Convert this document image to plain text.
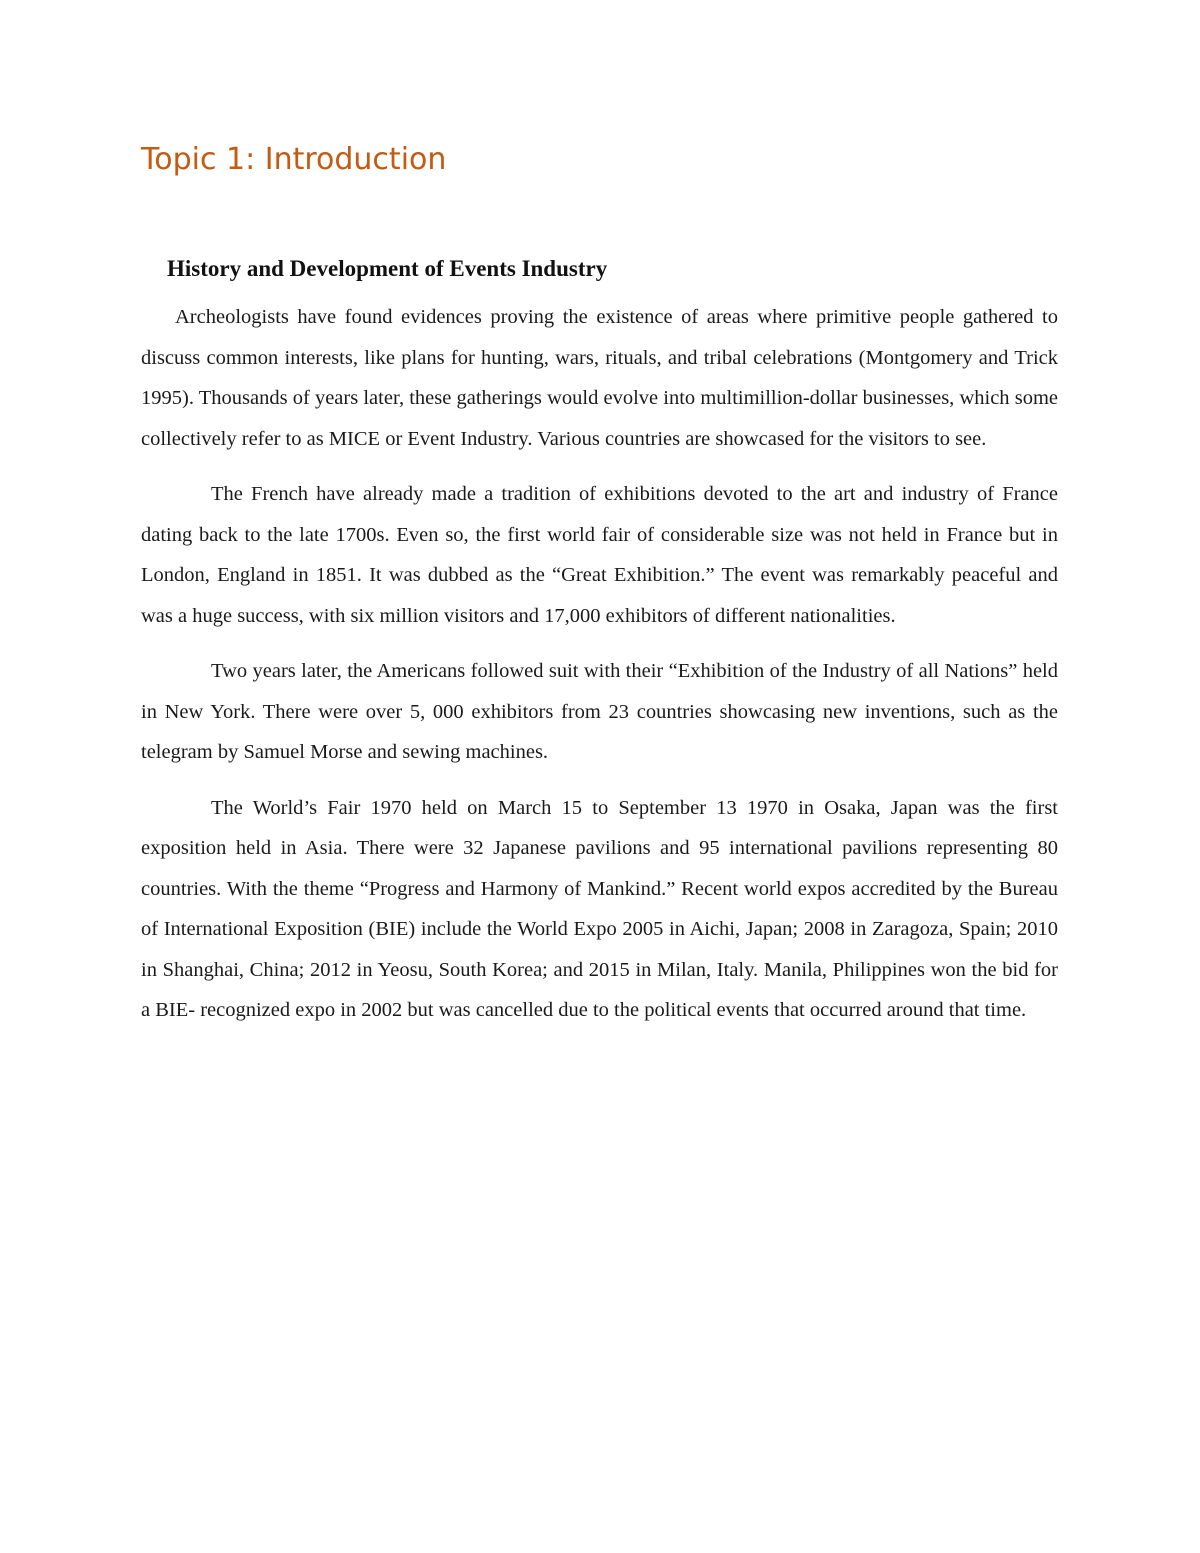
Topic 1: Introduction
History and Development of Events Industry

Archeologists have found evidences proving the existence of areas where primitive people gathered to discuss common interests, like plans for hunting, wars, rituals, and tribal celebrations (Montgomery and Trick 1995). Thousands of years later, these gatherings would evolve into multimillion-dollar businesses, which some collectively refer to as MICE or Event Industry. Various countries are showcased for the visitors to see.

The French have already made a tradition of exhibitions devoted to the art and industry of France dating back to the late 1700s. Even so, the first world fair of considerable size was not held in France but in London, England in 1851. It was dubbed as the “Great Exhibition.” The event was remarkably peaceful and was a huge success, with six million visitors and 17,000 exhibitors of different nationalities.

Two years later, the Americans followed suit with their “Exhibition of the Industry of all Nations” held in New York. There were over 5, 000 exhibitors from 23 countries showcasing new inventions, such as the telegram by Samuel Morse and sewing machines.

The World’s Fair 1970 held on March 15 to September 13 1970 in Osaka, Japan was the first exposition held in Asia. There were 32 Japanese pavilions and 95 international pavilions representing 80 countries. With the theme “Progress and Harmony of Mankind.” Recent world expos accredited by the Bureau of International Exposition (BIE) include the World Expo 2005 in Aichi, Japan; 2008 in Zaragoza, Spain; 2010 in Shanghai, China; 2012 in Yeosu, South Korea; and 2015 in Milan, Italy. Manila, Philippines won the bid for a BIE- recognized expo in 2002 but was cancelled due to the political events that occurred around that time.
